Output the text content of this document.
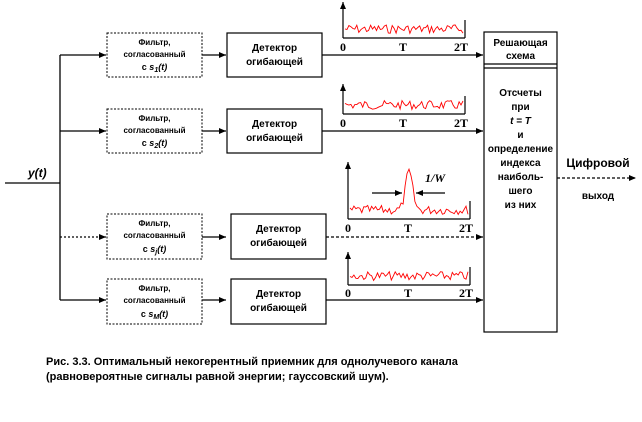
y(t)
Фильтр,
согласованный
с $s_1(t)$
Фильтр,
согласованный
с $s_2(t)$
Фильтр,
согласованный
с $s_j(t)$
Фильтр,
согласованный
с $s_M(t)$
Детектор
огибающей
Детектор
огибающей
Детектор
огибающей
Детектор
огибающей
0	T	2T
0	T	2T
0	T	2T
1/W
0	T	2T
Решающая
схема
Отсчеты
при
t = T
и
определение
индекса
наиболь-
шего
из них
Цифровой
выход
Рис. 3.3. Оптимальный некогерентный приемник для однолучевого канала
(равновероятные сигналы равной энергии; гауссовский шум).
